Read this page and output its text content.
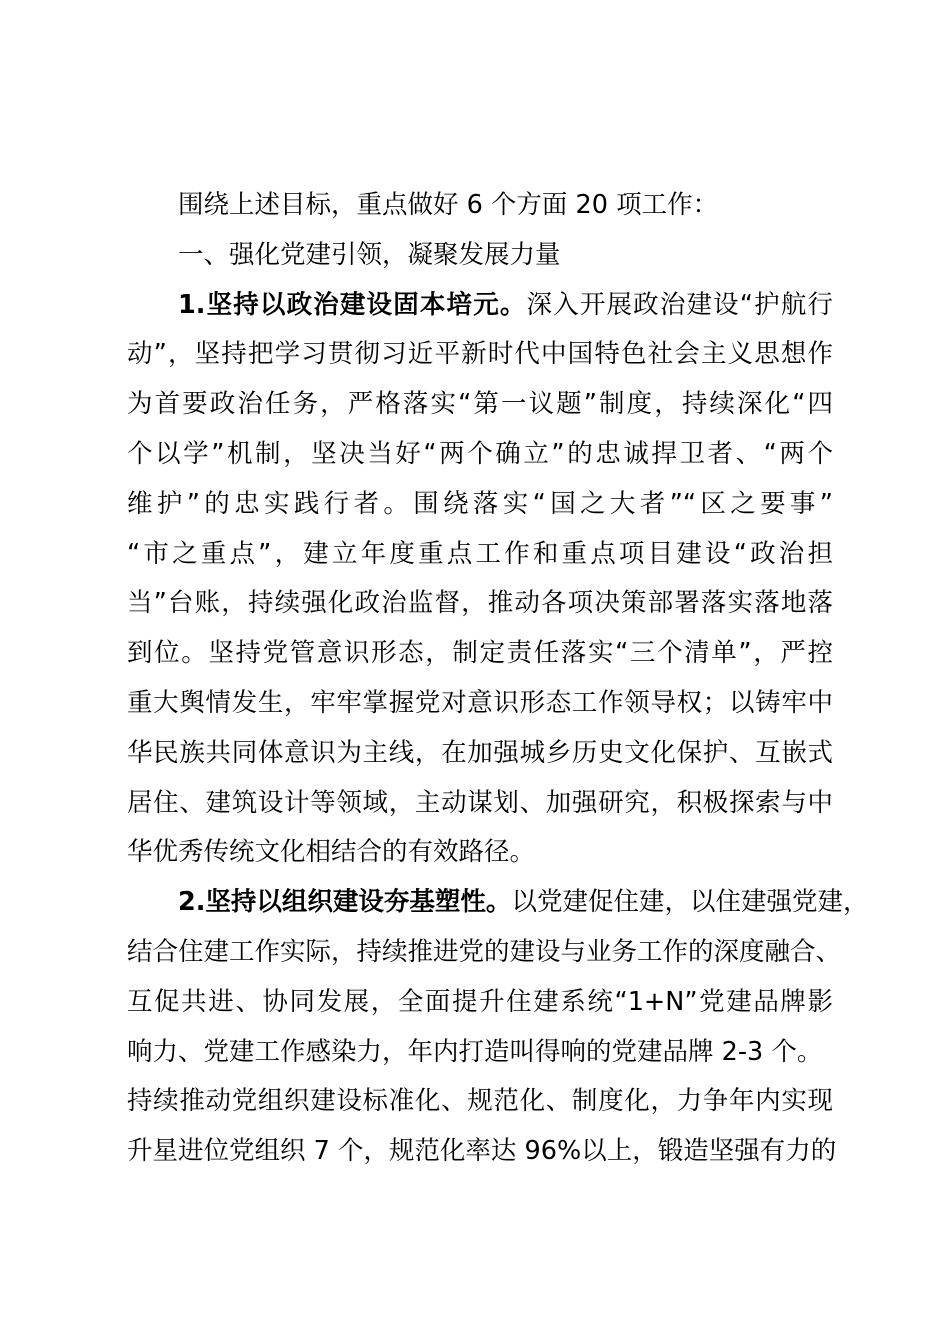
围绕上述目标，重点做好 6 个方面 20 项工作：
一、强化党建引领，凝聚发展力量
1.坚持以政治建设固本培元。深入开展政治建设“护航行
动”，坚持把学习贯彻习近平新时代中国特色社会主义思想作
为首要政治任务，严格落实“第一议题”制度，持续深化“四
个以学”机制，坚决当好“两个确立”的忠诚捍卫者、“两个
维护”的忠实践行者。围绕落实“国之大者”“区之要事”
“市之重点”，建立年度重点工作和重点项目建设“政治担
当”台账，持续强化政治监督，推动各项决策部署落实落地落
到位。坚持党管意识形态，制定责任落实“三个清单”，严控
重大舆情发生，牢牢掌握党对意识形态工作领导权；以铸牢中
华民族共同体意识为主线，在加强城乡历史文化保护、互嵌式
居住、建筑设计等领域，主动谋划、加强研究，积极探索与中
华优秀传统文化相结合的有效路径。
2.坚持以组织建设夯基塑性。以党建促住建，以住建强党建，
结合住建工作实际，持续推进党的建设与业务工作的深度融合、
互促共进、协同发展，全面提升住建系统“1+N”党建品牌影
响力、党建工作感染力，年内打造叫得响的党建品牌 2-3 个。
持续推动党组织建设标准化、规范化、制度化，力争年内实现
升星进位党组织 7 个，规范化率达 96%以上，锻造坚强有力的
